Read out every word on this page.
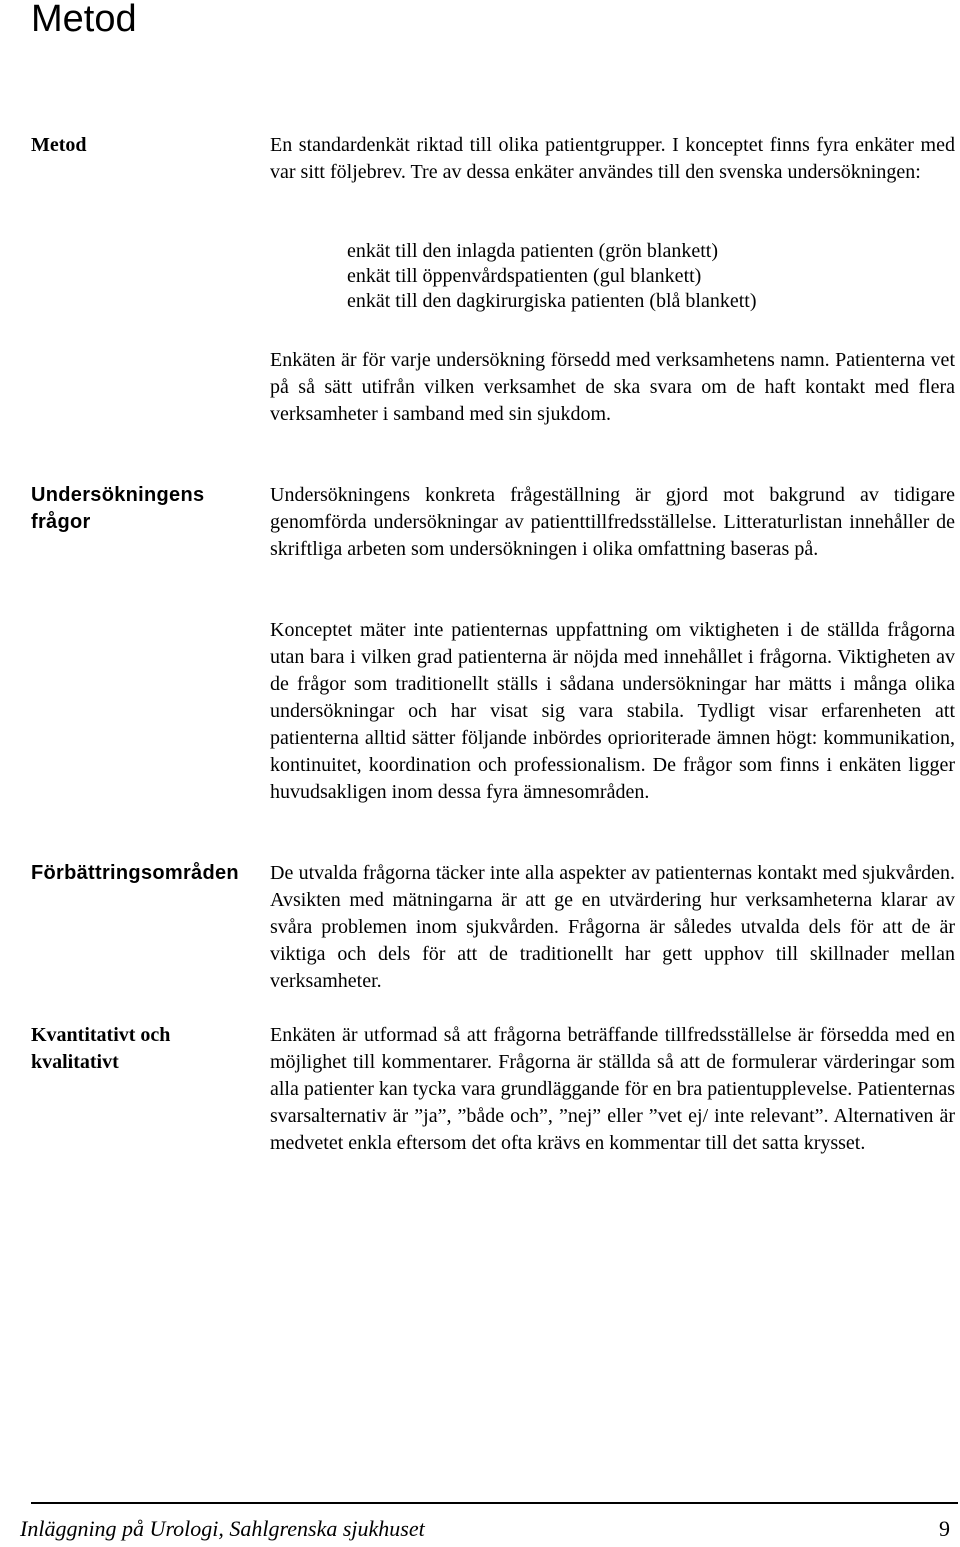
Metod
Metod	En standardenkät riktad till olika patientgrupper. I konceptet finns fyra enkäter med var sitt följebrev. Tre av dessa enkäter användes till den svenska undersökningen:

enkät till den inlagda patienten (grön blankett)
enkät till öppenvårdspatienten (gul blankett)
enkät till den dagkirurgiska patienten (blå blankett)

Enkäten är för varje undersökning försedd med verksamhetens namn. Patienterna vet på så sätt utifrån vilken verksamhet de ska svara om de haft kontakt med flera verksamheter i samband med sin sjukdom.

Undersökningens
frågor

Undersökningens konkreta frågeställning är gjord mot bakgrund av tidigare genomförda undersökningar av patienttillfredsställelse. Litteraturlistan innehåller de skriftliga arbeten som undersökningen i olika omfattning baseras på.

Konceptet mäter inte patienternas uppfattning om viktigheten i de ställda frågorna utan bara i vilken grad patienterna är nöjda med innehållet i frågorna. Viktigheten av de frågor som traditionellt ställs i sådana undersökningar har mätts i många olika undersökningar och har visat sig vara stabila. Tydligt visar erfarenheten att patienterna alltid sätter följande inbördes oprioriterade ämnen högt: kommunikation, kontinuitet, koordination och professionalism. De frågor som finns i enkäten ligger huvudsakligen inom dessa fyra ämnesområden.

Förbättringsområden De utvalda frågorna täcker inte alla aspekter av patienternas kontakt med sjukvården. Avsikten med mätningarna är att ge en utvärdering hur verksamheterna klarar av svåra problemen inom sjukvården. Frågorna är således utvalda dels för att de är viktiga och dels för att de traditionellt har gett upphov till skillnader mellan verksamheter.

Kvantitativt och
kvalitativt

Enkäten är utformad så att frågorna beträffande tillfredsställelse är försedda med en möjlighet till kommentarer. Frågorna är ställda så att de formulerar värderingar som alla patienter kan tycka vara grundläggande för en bra patientupplevelse. Patienternas svarsalternativ är ”ja”, ”både och”, ”nej” eller ”vet ej/ inte relevant”. Alternativen är medvetet enkla eftersom det ofta krävs en kommentar till det satta krysset.

Inläggning på Urologi, Sahlgrenska sjukhuset	9
